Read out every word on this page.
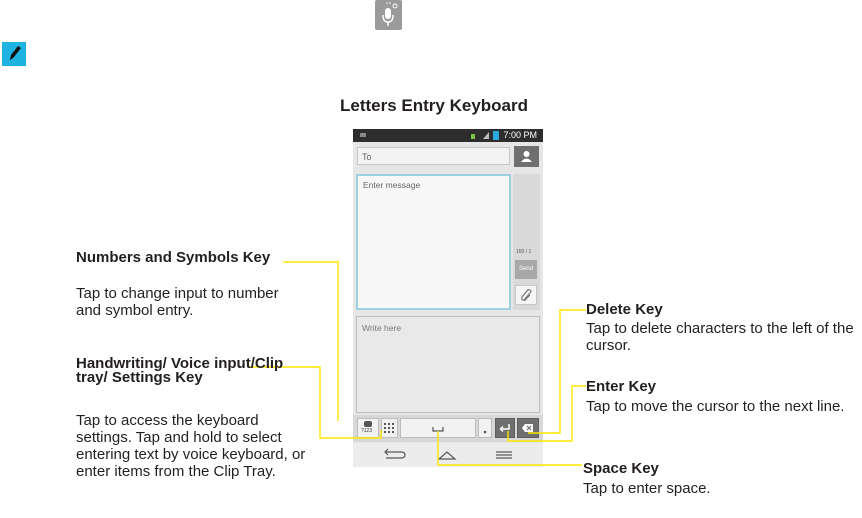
Letters Entry Keyboard
7:00 PM
To
Enter message
160 / 1
Send
Write here
?123
Numbers and Symbols Key
Tap to change input to number and symbol entry.
Handwriting/ Voice input/Clip tray/ Settings Key
Tap to access the keyboard settings. Tap and hold to select entering text by voice keyboard, or enter items from the Clip Tray.
Delete Key
Tap to delete characters to the left of the cursor.
Enter Key
Tap to move the cursor to the next line.
Space Key
Tap to enter space.
